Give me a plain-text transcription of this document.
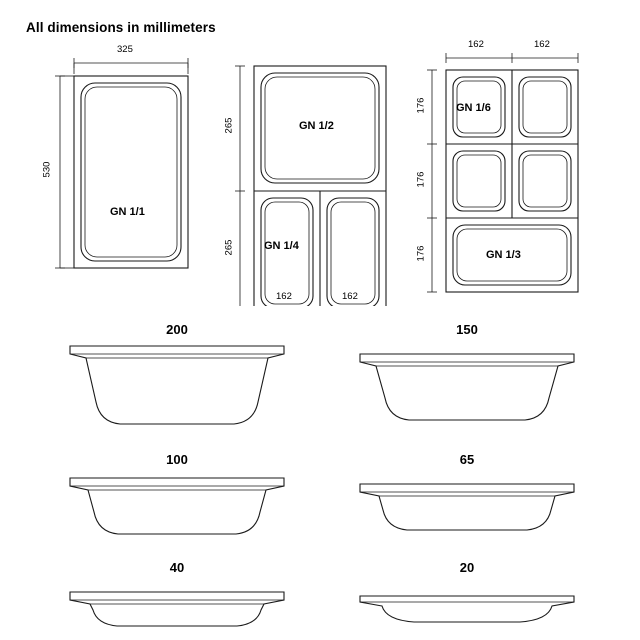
All dimensions in millimeters
325
530
GN 1/1
265
265
162	162
GN 1/2
GN 1/4
162	162
176
176
176
GN 1/6
GN 1/3
200	150
100	65
40	20
